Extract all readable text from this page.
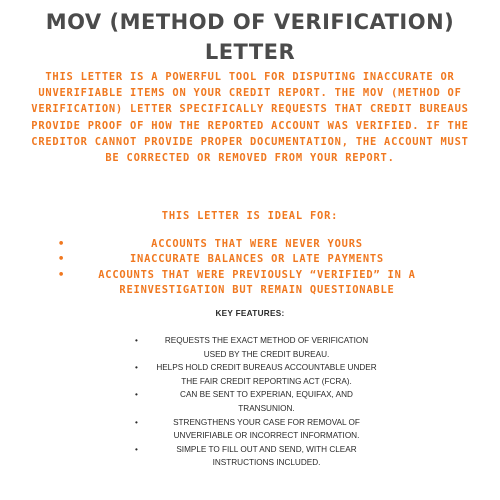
MOV (METHOD OF VERIFICATION)
LETTER

THIS LETTER IS A POWERFUL TOOL FOR DISPUTING INACCURATE OR UNVERIFIABLE ITEMS ON YOUR CREDIT REPORT. THE MOV (METHOD OF VERIFICATION) LETTER SPECIFICALLY REQUESTS THAT CREDIT BUREAUS PROVIDE PROOF OF HOW THE REPORTED ACCOUNT WAS VERIFIED. IF THE CREDITOR CANNOT PROVIDE PROPER DOCUMENTATION, THE ACCOUNT MUST BE CORRECTED OR REMOVED FROM YOUR REPORT.

THIS LETTER IS IDEAL FOR:

• ACCOUNTS THAT WERE NEVER YOURS
• INACCURATE BALANCES OR LATE PAYMENTS
• ACCOUNTS THAT WERE PREVIOUSLY “VERIFIED” IN A REINVESTIGATION BUT REMAIN QUESTIONABLE
KEY FEATURES:
• REQUESTS THE EXACT METHOD OF VERIFICATION USED BY THE CREDIT BUREAU.
• HELPS HOLD CREDIT BUREAUS ACCOUNTABLE UNDER THE FAIR CREDIT REPORTING ACT (FCRA).
• CAN BE SENT TO EXPERIAN, EQUIFAX, AND TRANSUNION.
• STRENGTHENS YOUR CASE FOR REMOVAL OF UNVERIFIABLE OR INCORRECT INFORMATION.
• SIMPLE TO FILL OUT AND SEND, WITH CLEAR INSTRUCTIONS INCLUDED.
